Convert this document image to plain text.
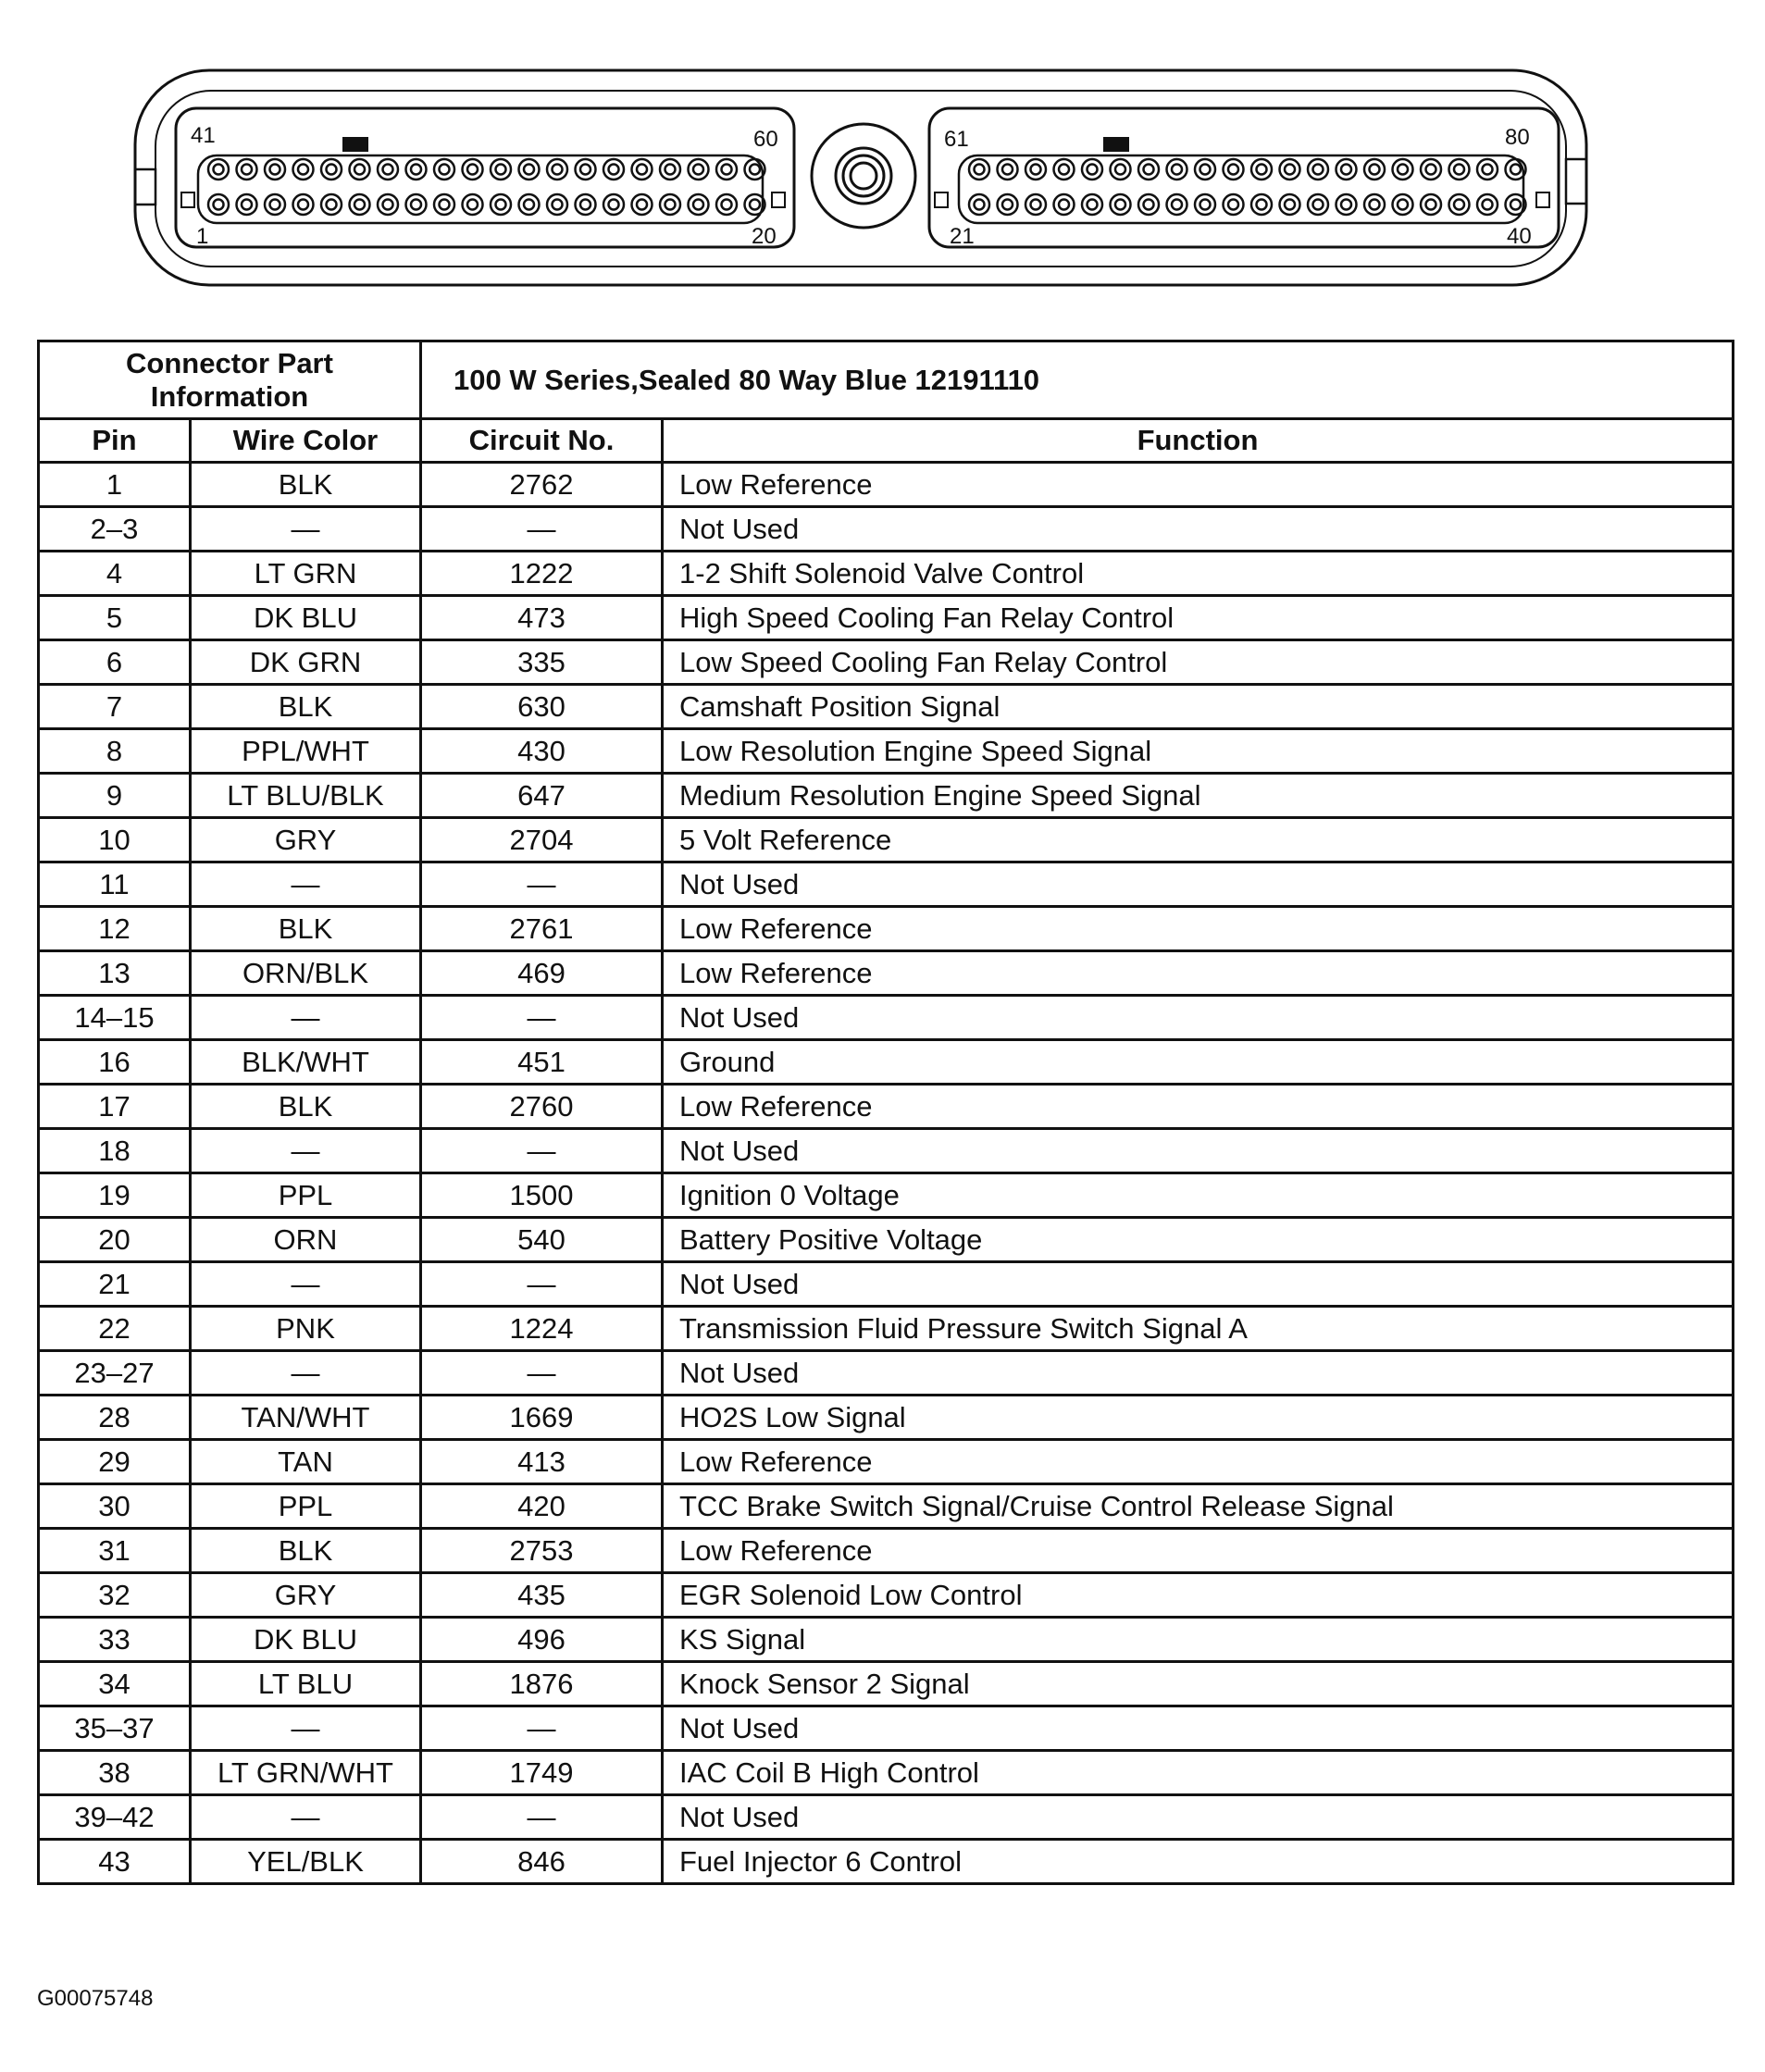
41	60
1	20
61	80
21	40
Connector Part Information		100 W Series,Sealed 80 Way Blue 12191110	
Pin	Wire Color	Circuit No.	Function
1	BLK	2762	Low Reference
2–3	—	—	Not Used
4	LT GRN	1222	1-2 Shift Solenoid Valve Control
5	DK BLU	473	High Speed Cooling Fan Relay Control
6	DK GRN	335	Low Speed Cooling Fan Relay Control
7	BLK	630	Camshaft Position Signal
8	PPL/WHT	430	Low Resolution Engine Speed Signal
9	LT BLU/BLK	647	Medium Resolution Engine Speed Signal
10	GRY	2704	5 Volt Reference
11	—	—	Not Used
12	BLK	2761	Low Reference
13	ORN/BLK	469	Low Reference
14–15	—	—	Not Used
16	BLK/WHT	451	Ground
17	BLK	2760	Low Reference
18	—	—	Not Used
19	PPL	1500	Ignition 0 Voltage
20	ORN	540	Battery Positive Voltage
21	—	—	Not Used
22	PNK	1224	Transmission Fluid Pressure Switch Signal A
23–27	—	—	Not Used
28	TAN/WHT	1669	HO2S Low Signal
29	TAN	413	Low Reference
30	PPL	420	TCC Brake Switch Signal/Cruise Control Release Signal
31	BLK	2753	Low Reference
32	GRY	435	EGR Solenoid Low Control
33	DK BLU	496	KS Signal
34	LT BLU	1876	Knock Sensor 2 Signal
35–37	—	—	Not Used
38	LT GRN/WHT	1749	IAC Coil B High Control
39–42	—	—	Not Used
43	YEL/BLK	846	Fuel Injector 6 Control
G00075748
